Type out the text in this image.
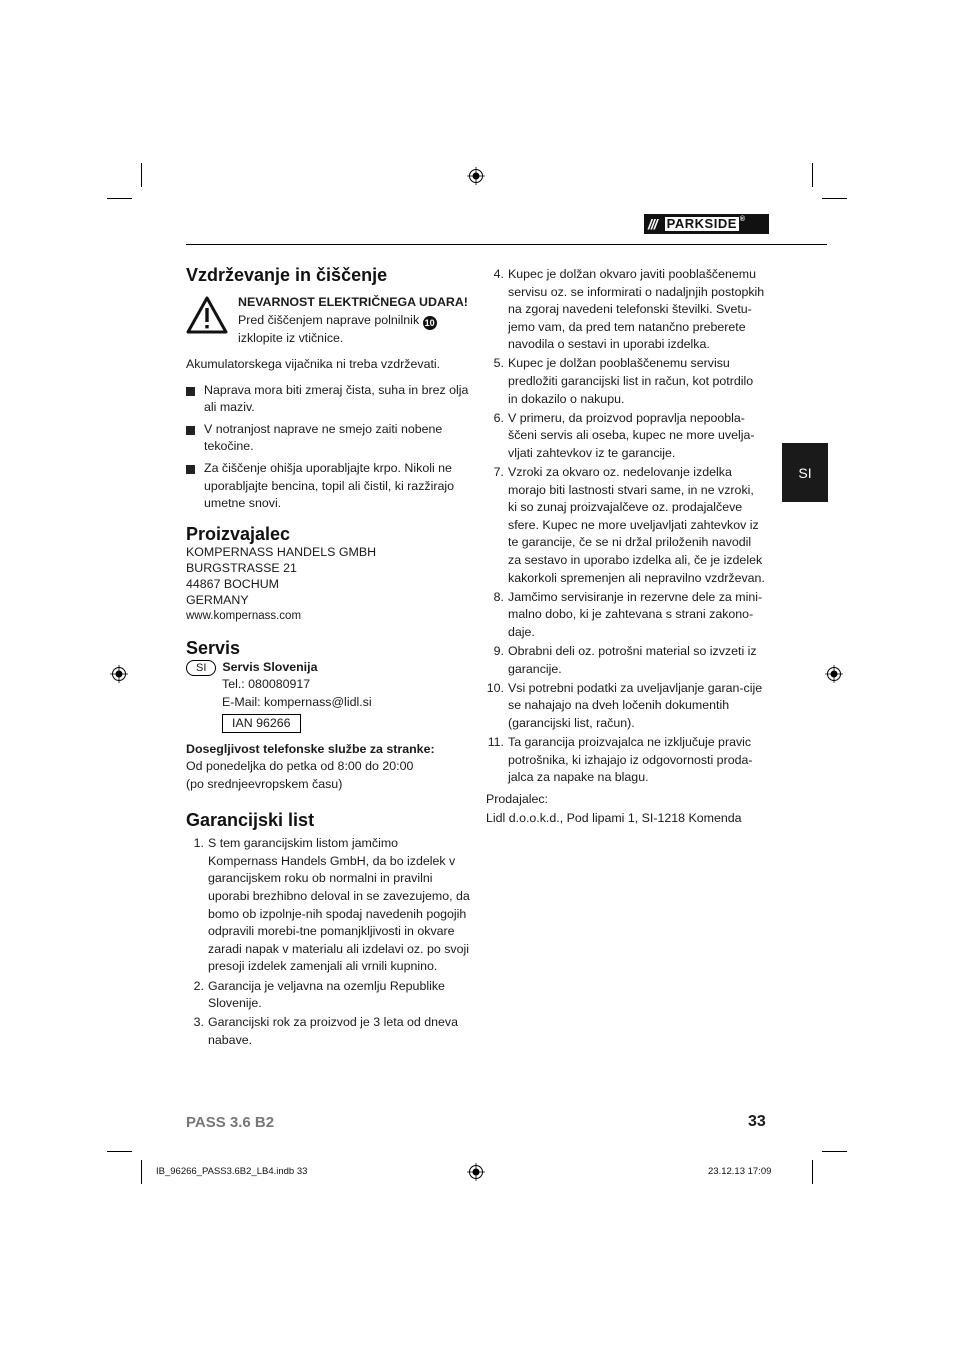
/// PARKSIDE ®
SI
Vzdrževanje in čiščenje

NEVARNOST ELEKTRIČNEGA UDARA! Pred čiščenjem naprave polnilnik 10 izklopite iz vtičnice.

Akumulatorskega vijačnika ni treba vzdrževati.

Naprava mora biti zmeraj čista, suha in brez olja ali maziv.
V notranjost naprave ne smejo zaiti nobene tekočine.
Za čiščenje ohišja uporabljajte krpo. Nikoli ne uporabljajte bencina, topil ali čistil, ki razžirajo umetne snovi.
Proizvajalec

KOMPERNASS HANDELS GMBH

BURGSTRASSE 21

44867 BOCHUM

GERMANY

www.kompernass.com

Servis

SI Servis Slovenija

Tel.: 080080917

E-Mail: kompernass@lidl.si

IAN 96266

Dosegljivost telefonske službe za stranke:

Od ponedeljka do petka od 8:00 do 20:00

(po srednjeevropskem času)

Garancijski list
1. S tem garancijskim listom jamčimo Kompernass Handels GmbH, da bo izdelek v garancijskem roku ob normalni in pravilni uporabi brezhibno deloval in se zavezujemo, da bomo ob izpolnje-nih spodaj navedenih pogojih odpravili morebi-tne pomanjkljivosti in okvare zaradi napak v materialu ali izdelavi oz. po svoji presoji izdelek zamenjali ali vrnili kupnino.
2. Garancija je veljavna na ozemlju Republike Slovenije.
3. Garancijski rok za proizvod je 3 leta od dneva nabave.
4. Kupec je dolžan okvaro javiti pooblaščenemu servisu oz. se informirati o nadaljnjih postopkih na zgoraj navedeni telefonski številki. Svetu-jemo vam, da pred tem natančno preberete navodila o sestavi in uporabi izdelka.
5. Kupec je dolžan pooblaščenemu servisu predložiti garancijski list in račun, kot potrdilo in dokazilo o nakupu.
6. V primeru, da proizvod popravlja nepoobla-ščeni servis ali oseba, kupec ne more uvelja-vljati zahtevkov iz te garancije.
7. Vzroki za okvaro oz. nedelovanje izdelka morajo biti lastnosti stvari same, in ne vzroki, ki so zunaj proizvajalčeve oz. prodajalčeve sfere. Kupec ne more uveljavljati zahtevkov iz te garancije, če se ni držal priloženih navodil za sestavo in uporabo izdelka ali, če je izdelek kakorkoli spremenjen ali nepravilno vzdrževan.
8. Jamčimo servisiranje in rezervne dele za mini-malno dobo, ki je zahtevana s strani zakono-daje.
9. Obrabni deli oz. potrošni material so izvzeti iz garancije.
10. Vsi potrebni podatki za uveljavljanje garan-cije se nahajajo na dveh ločenih dokumentih (garancijski list, račun).
11. Ta garancija proizvajalca ne izključuje pravic potrošnika, ki izhajajo iz odgovornosti proda-jalca za napake na blagu.

Prodajalec:

Lidl d.o.o.k.d., Pod lipami 1, SI-1218 Komenda

PASS 3.6 B2	33
IB_96266_PASS3.6B2_LB4.indb 33	23.12.13 17:09
